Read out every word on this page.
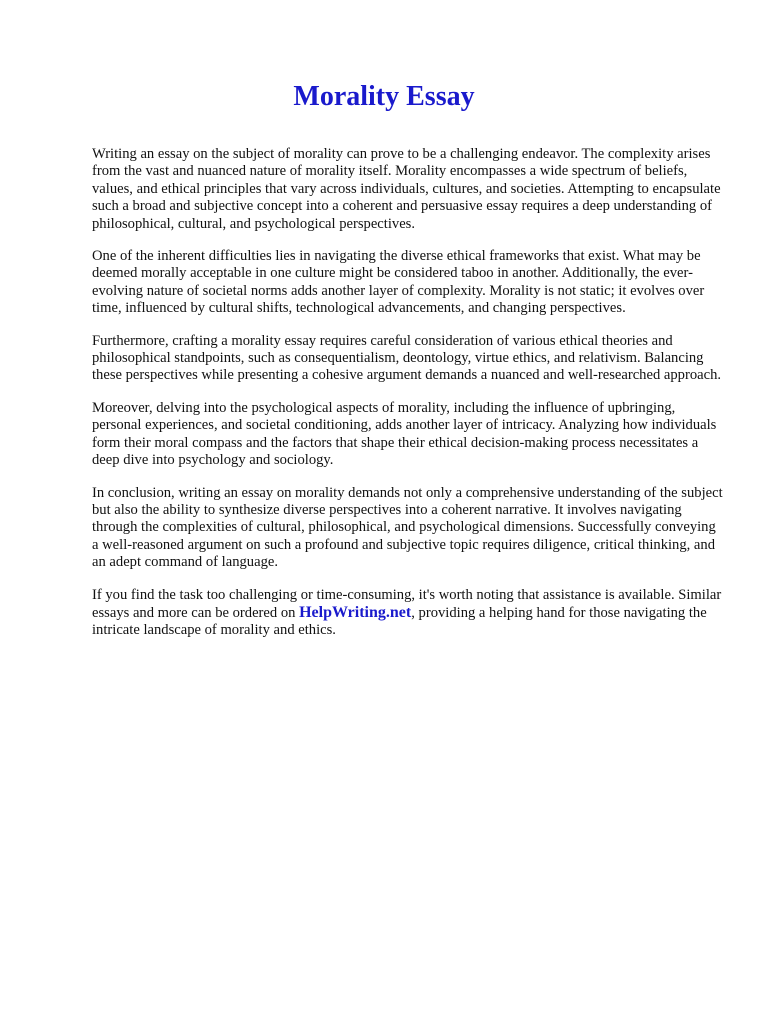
Morality Essay

Writing an essay on the subject of morality can prove to be a challenging endeavor. The complexity arises from the vast and nuanced nature of morality itself. Morality encompasses a wide spectrum of beliefs, values, and ethical principles that vary across individuals, cultures, and societies. Attempting to encapsulate such a broad and subjective concept into a coherent and persuasive essay requires a deep understanding of philosophical, cultural, and psychological perspectives.

One of the inherent difficulties lies in navigating the diverse ethical frameworks that exist. What may be deemed morally acceptable in one culture might be considered taboo in another. Additionally, the ever-evolving nature of societal norms adds another layer of complexity. Morality is not static; it evolves over time, influenced by cultural shifts, technological advancements, and changing perspectives.

Furthermore, crafting a morality essay requires careful consideration of various ethical theories and philosophical standpoints, such as consequentialism, deontology, virtue ethics, and relativism. Balancing these perspectives while presenting a cohesive argument demands a nuanced and well-researched approach.

Moreover, delving into the psychological aspects of morality, including the influence of upbringing, personal experiences, and societal conditioning, adds another layer of intricacy. Analyzing how individuals form their moral compass and the factors that shape their ethical decision-making process necessitates a deep dive into psychology and sociology.

In conclusion, writing an essay on morality demands not only a comprehensive understanding of the subject but also the ability to synthesize diverse perspectives into a coherent narrative. It involves navigating through the complexities of cultural, philosophical, and psychological dimensions. Successfully conveying a well-reasoned argument on such a profound and subjective topic requires diligence, critical thinking, and an adept command of language.

If you find the task too challenging or time-consuming, it's worth noting that assistance is available. Similar essays and more can be ordered on HelpWriting.net, providing a helping hand for those navigating the intricate landscape of morality and ethics.
